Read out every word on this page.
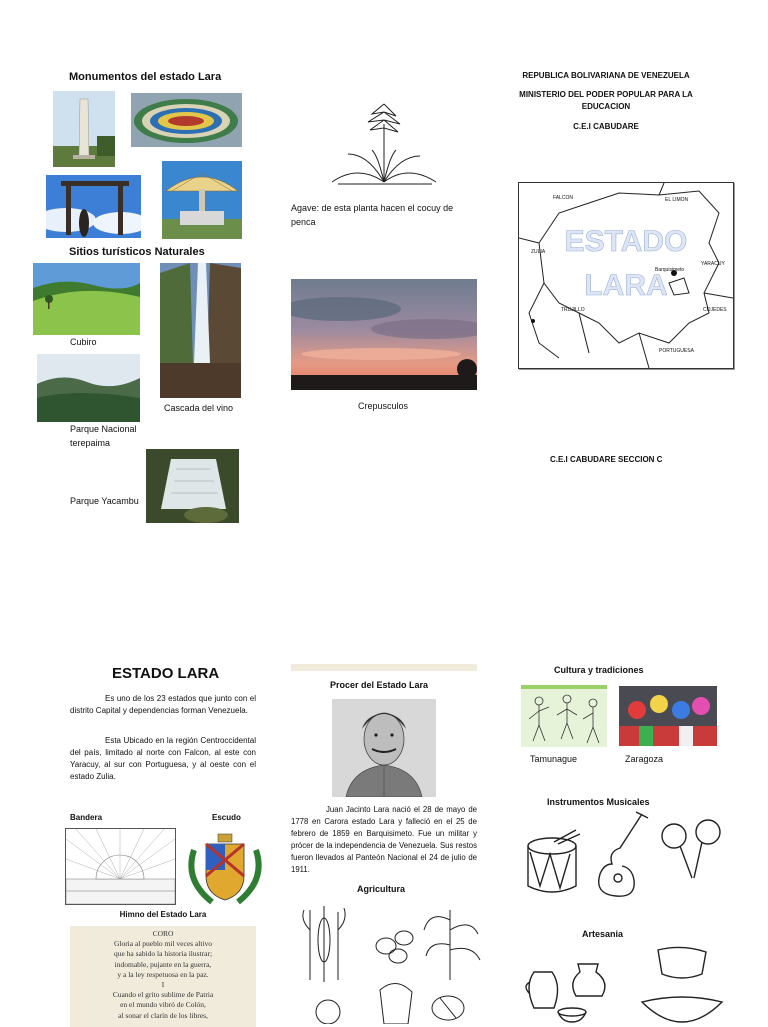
Monumentos del estado Lara
Sitios turísticos Naturales
Cubiro
Cascada del vino
Parque Nacional
terepaima
Parque Yacambu
Agave: de esta planta hacen el cocuy de
penca
Crepusculos
REPUBLICA BOLIVARIANA DE VENEZUELA
MINISTERIO DEL PODER POPULAR PARA LA
EDUCACION
C.E.I CABUDARE
ESTADO
LARA
FALCON	EL LIMON
YARACUY
ZULIA
Barquisimeto
TRUJILLO	COJEDES
PORTUGUESA
C.E.I CABUDARE SECCION C
ESTADO LARA
Es uno de los 23 estados que junto con el distrito Capital y dependencias forman Venezuela.
Esta Ubicado en la región Centroccidental del país, limitado al norte con Falcon, al este con Yaracuy, al sur con Portuguesa, y al oeste con el estado Zulia.
Bandera	Escudo
Himno del Estado Lara
CORO
Gloria al pueblo mil veces altivo
que ha sabido la historia ilustrar;
indomable, pujante en la guerra,
y a la ley respetuosa en la paz.
I
Cuando el grito sublime de Patria
en el mundo vibró de Colón,
al sonar el clarín de los libres,
Procer del Estado Lara
Juan Jacinto Lara nació el 28 de mayo de 1778 en Carora estado Lara y falleció en el 25 de febrero de 1859 en Barquisimeto. Fue un militar y prócer de la independencia de Venezuela. Sus restos fueron llevados al Panteón Nacional el 24 de julio de 1911.
Agricultura
Cultura y tradiciones
Tamunague	Zaragoza
Instrumentos Musicales
Artesania
